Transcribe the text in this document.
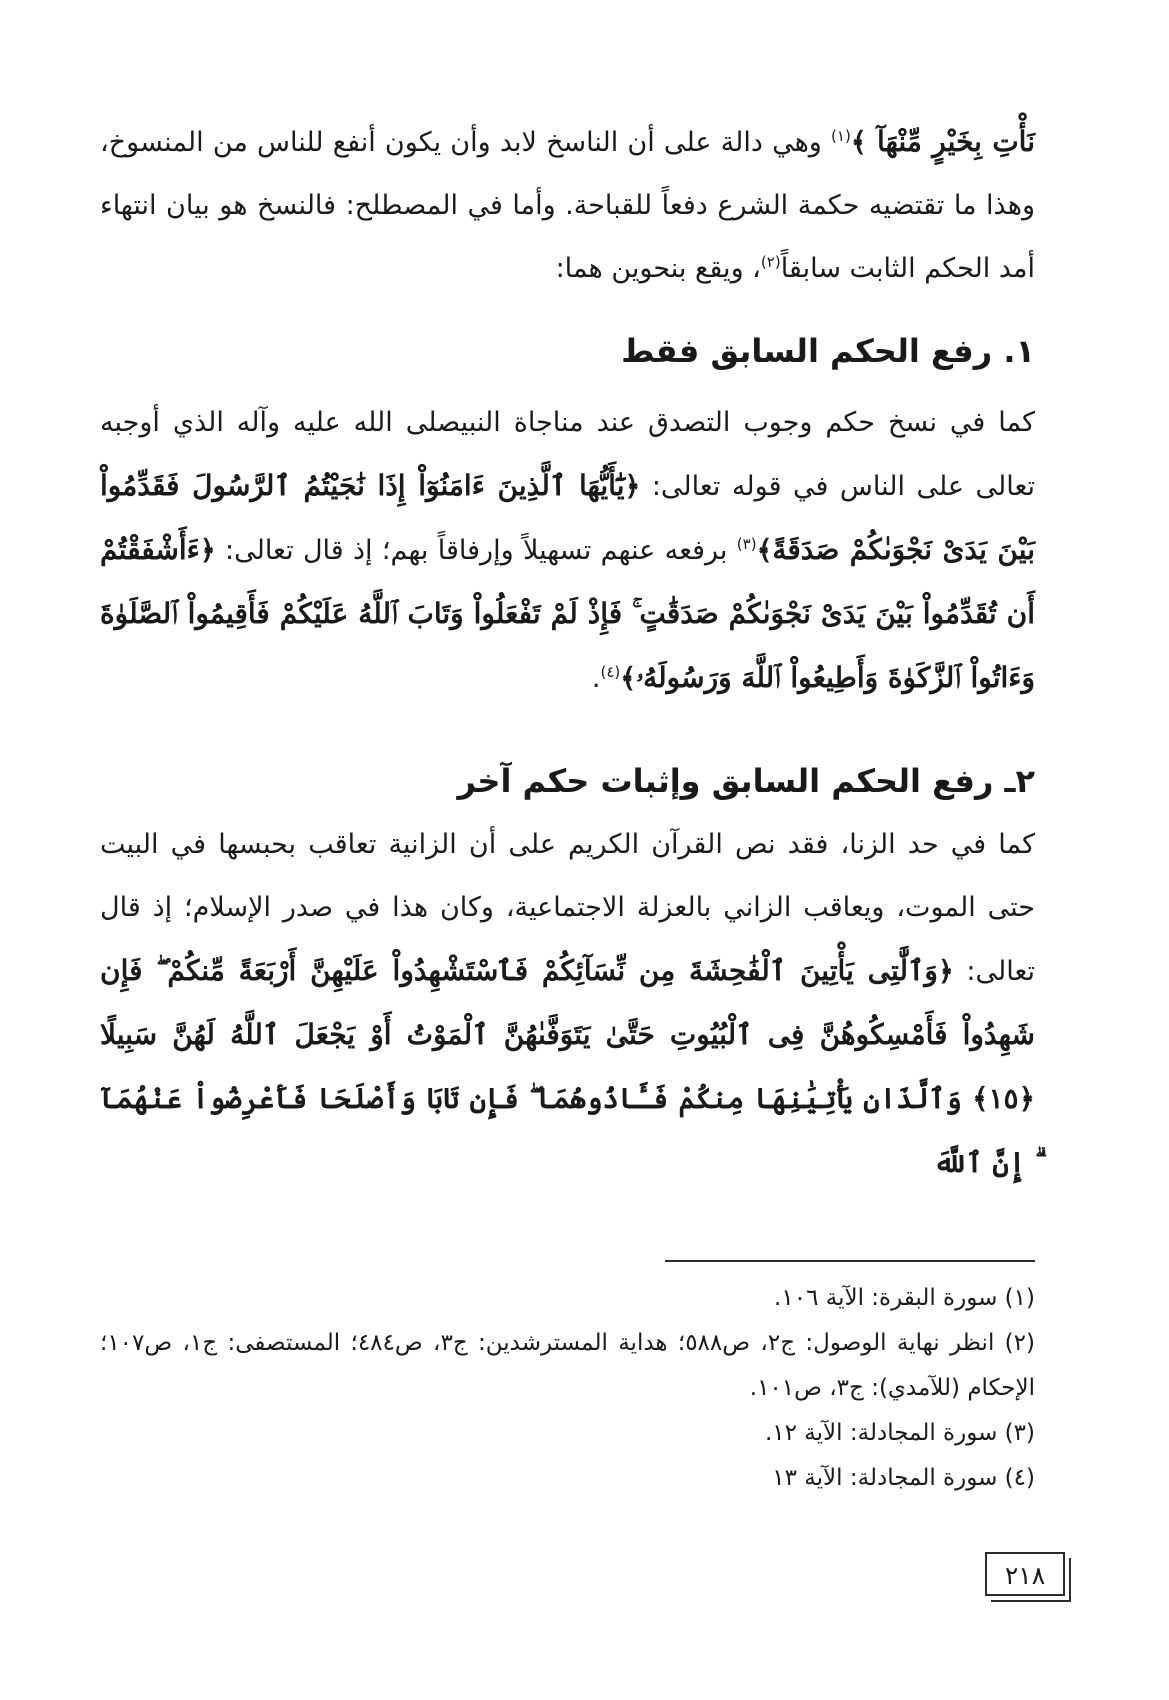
نَأْتِ بِخَيْرٍ مِّنْهَآ ﴾$^{(١)}$ وهي دالة على أن الناسخ لابد وأن يكون أنفع للناس من المنسوخ، وهذا ما تقتضيه حكمة الشرع دفعاً للقباحة. وأما في المصطلح: فالنسخ هو بيان انتهاء أمد الحكم الثابت سابقاً$^{(٢)}$، ويقع بنحوين هما:

١. رفع الحكم السابق فقط

كما في نسخ حكم وجوب التصدق عند مناجاة النبيصلى الله عليه وآله الذي أوجبه تعالى على الناس في قوله تعالى: ﴿يَٰٓأَيُّهَا ٱلَّذِينَ ءَامَنُوٓاْ إِذَا نَٰجَيْتُمُ ٱلرَّسُولَ فَقَدِّمُواْ بَيْنَ يَدَىْ نَجْوَىٰكُمْ صَدَقَةً﴾$^{(٣)}$ برفعه عنهم تسهيلاً وإرفاقاً بهم؛ إذ قال تعالى: ﴿ءَأَشْفَقْتُمْ أَن تُقَدِّمُواْ بَيْنَ يَدَىْ نَجْوَىٰكُمْ صَدَقَٰتٍ ۚ فَإِذْ لَمْ تَفْعَلُواْ وَتَابَ ٱللَّهُ عَلَيْكُمْ فَأَقِيمُواْ ٱلصَّلَوٰةَ وَءَاتُواْ ٱلزَّكَوٰةَ وَأَطِيعُواْ ٱللَّهَ وَرَسُولَهُۥ﴾$^{(٤)}$.

٢ـ رفع الحكم السابق وإثبات حكم آخر

كما في حد الزنا، فقد نص القرآن الكريم على أن الزانية تعاقب بحبسها في البيت حتى الموت، ويعاقب الزاني بالعزلة الاجتماعية، وكان هذا في صدر الإسلام؛ إذ قال تعالى: ﴿وَٱلَّٰتِى يَأْتِينَ ٱلْفَٰحِشَةَ مِن نِّسَآئِكُمْ فَٱسْتَشْهِدُواْ عَلَيْهِنَّ أَرْبَعَةً مِّنكُمْ ۖ فَإِن شَهِدُواْ فَأَمْسِكُوهُنَّ فِى ٱلْبُيُوتِ حَتَّىٰ يَتَوَفَّىٰهُنَّ ٱلْمَوْتُ أَوْ يَجْعَلَ ٱللَّهُ لَهُنَّ سَبِيلًا ﴿١٥﴾ وَٱلَّذَانِ يَأْتِيَٰنِهَا مِنكُمْ فَـَٔاذُوهُمَا ۖ فَإِن تَابَا وَأَصْلَحَا فَأَعْرِضُواْ عَنْهُمَآ ۗ إِنَّ ٱللَّهَ

(١) سورة البقرة: الآية ١٠٦.

(٢) انظر نهاية الوصول: ج٢، ص٥٨٨؛ هداية المسترشدين: ج٣، ص٤٨٤؛ المستصفى: ج١، ص١٠٧؛ الإحكام (للآمدي): ج٣، ص١٠١.

(٣) سورة المجادلة: الآية ١٢.

(٤) سورة المجادلة: الآية ١٣

٢١٨
